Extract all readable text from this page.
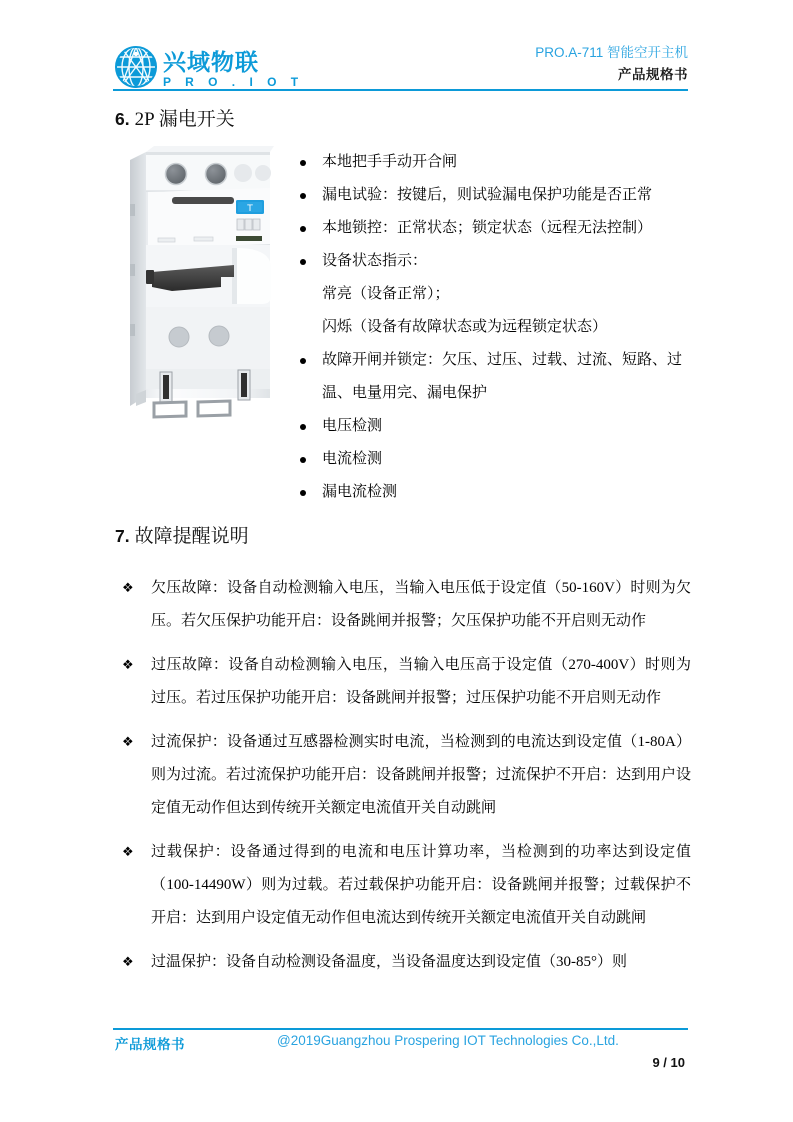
兴域物联
P R O . I O T
PRO.A-711 智能空开主机
产品规格书
6. 2P 漏电开关
T
本地把手手动开合闸
漏电试验：按键后，则试验漏电保护功能是否正常
本地锁控：正常状态；锁定状态（远程无法控制）
设备状态指示：
常亮（设备正常）；
闪烁（设备有故障状态或为远程锁定状态）
故障开闸并锁定：欠压、过压、过载、过流、短路、过温、电量用完、漏电保护
电压检测
电流检测
漏电流检测
7. 故障提醒说明
❖ 欠压故障：设备自动检测输入电压，当输入电压低于设定值（50-160V）时则为欠压。若欠压保护功能开启：设备跳闸并报警；欠压保护功能不开启则无动作
❖ 过压故障：设备自动检测输入电压，当输入电压高于设定值（270-400V）时则为过压。若过压保护功能开启：设备跳闸并报警；过压保护功能不开启则无动作
❖ 过流保护：设备通过互感器检测实时电流，当检测到的电流达到设定值（1-80A）则为过流。若过流保护功能开启：设备跳闸并报警；过流保护不开启：达到用户设定值无动作但达到传统开关额定电流值开关自动跳闸
❖ 过载保护：设备通过得到的电流和电压计算功率，当检测到的功率达到设定值（100-14490W）则为过载。若过载保护功能开启：设备跳闸并报警；过载保护不开启：达到用户设定值无动作但电流达到传统开关额定电流值开关自动跳闸
❖ 过温保护：设备自动检测设备温度，当设备温度达到设定值（30-85°）则
产品规格书	@2019Guangzhou Prospering IOT Technologies Co.,Ltd.
9 / 10
